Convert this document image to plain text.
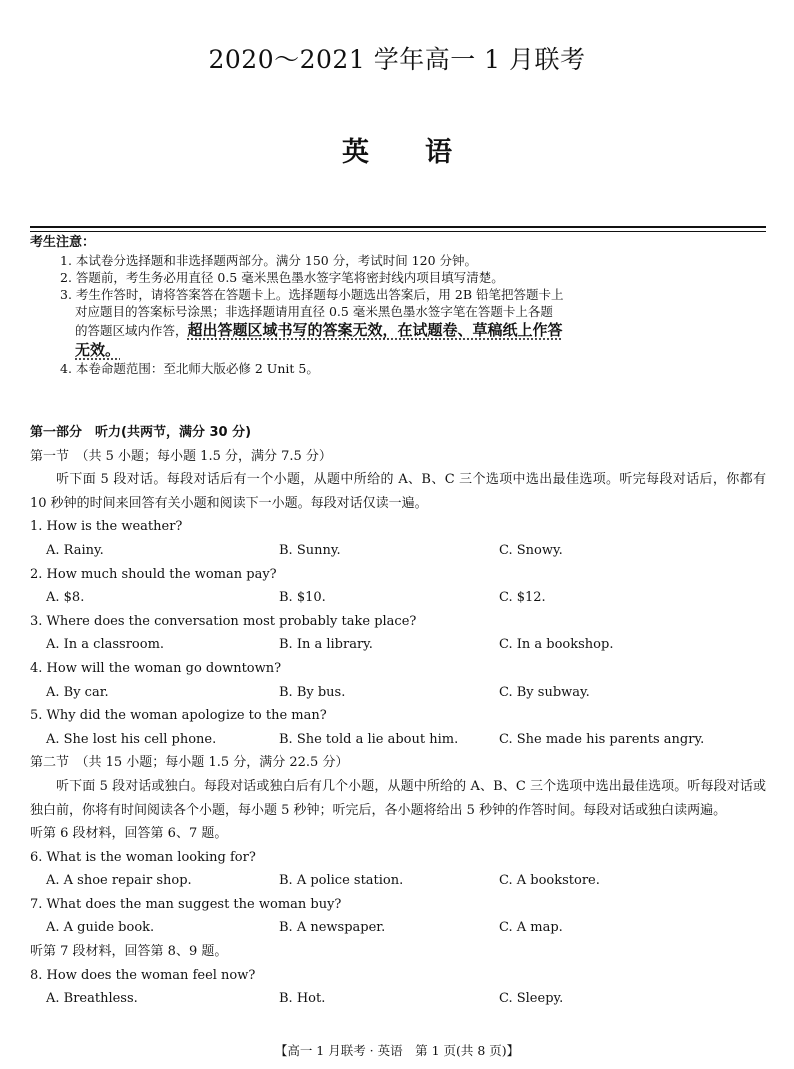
2020～2021 学年高一 1 月联考
英 语
考生注意：
1. 本试卷分选择题和非选择题两部分。满分 150 分，考试时间 120 分钟。
2. 答题前，考生务必用直径 0.5 毫米黑色墨水签字笔将密封线内项目填写清楚。
3. 考生作答时，请将答案答在答题卡上。选择题每小题选出答案后，用 2B 铅笔把答题卡上
对应题目的答案标号涂黑；非选择题请用直径 0.5 毫米黑色墨水签字笔在答题卡上各题
的答题区域内作答，超出答题区域书写的答案无效，在试题卷、草稿纸上作答
无效。
4. 本卷命题范围：至北师大版必修 2 Unit 5。
第一部分　听力(共两节，满分 30 分)
第一节　（共 5 小题；每小题 1.5 分，满分 7.5 分）
听下面 5 段对话。每段对话后有一个小题，从题中所给的 A、B、C 三个选项中选出最佳选项。听完每段对话后，你都有 10 秒钟的时间来回答有关小题和阅读下一小题。每段对话仅读一遍。
1. How is the weather?
A. Rainy.	B. Sunny.	C. Snowy.
2. How much should the woman pay?
A. $8.	B. $10.	C. $12.
3. Where does the conversation most probably take place?
A. In a classroom.	B. In a library.	C. In a bookshop.
4. How will the woman go downtown?
A. By car.	B. By bus.	C. By subway.
5. Why did the woman apologize to the man?
A. She lost his cell phone.	B. She told a lie about him.	C. She made his parents angry.
第二节　（共 15 小题；每小题 1.5 分，满分 22.5 分）
听下面 5 段对话或独白。每段对话或独白后有几个小题，从题中所给的 A、B、C 三个选项中选出最佳选项。听每段对话或独白前，你将有时间阅读各个小题，每小题 5 秒钟；听完后，各小题将给出 5 秒钟的作答时间。每段对话或独白读两遍。
听第 6 段材料，回答第 6、7 题。
6. What is the woman looking for?
A. A shoe repair shop.	B. A police station.	C. A bookstore.
7. What does the man suggest the woman buy?
A. A guide book.	B. A newspaper.	C. A map.
听第 7 段材料，回答第 8、9 题。
8. How does the woman feel now?
A. Breathless.	B. Hot.	C. Sleepy.
【高一 1 月联考 · 英语　第 1 页(共 8 页)】
